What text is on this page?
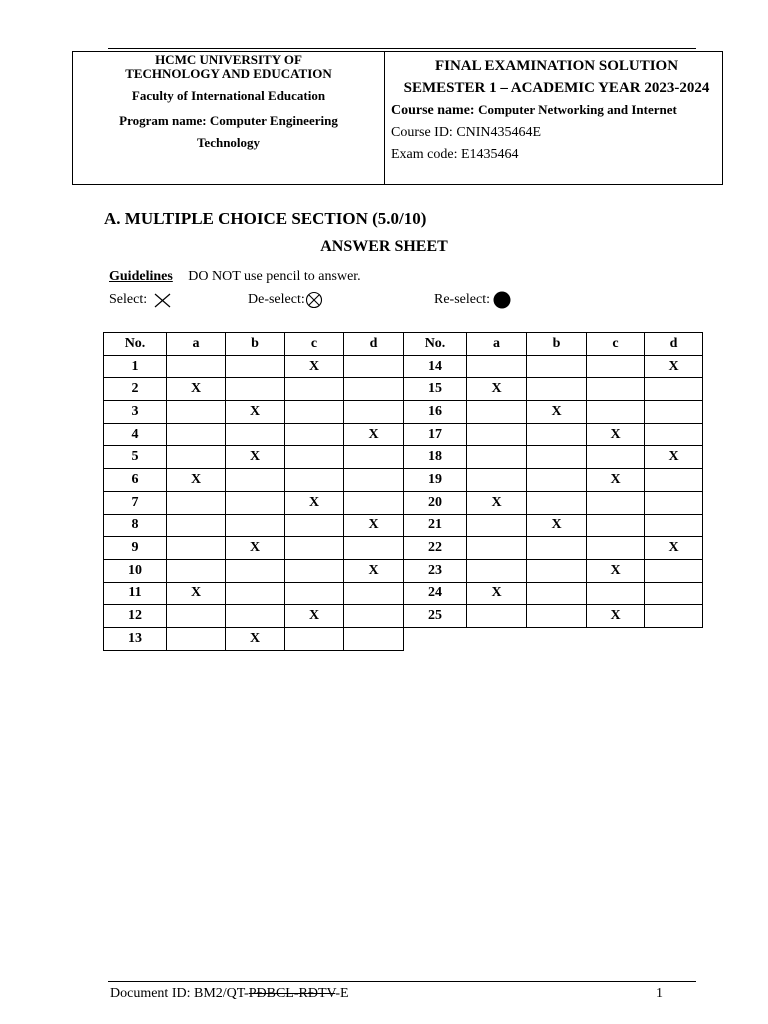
HCMC UNIVERSITY OF
TECHNOLOGY AND EDUCATION
Faculty of International Education
Program name: Computer Engineering
Technology
FINAL EXAMINATION SOLUTION
SEMESTER 1 – ACADEMIC YEAR 2023-2024
Course name: Computer Networking and Internet
Course ID: CNIN435464E
Exam code: E1435464
A. MULTIPLE CHOICE SECTION (5.0/10)
ANSWER SHEET
Guidelines DO NOT use pencil to answer.
Select:	De-select:	Re-select:
No.	a	b	c	d
1			X	
2	X			
3		X		
4				X
5		X		
6	X			
7			X	
8				X
9		X		
10				X
11	X			
12			X	
13		X		
No.	a	b	c	d
14				X
15	X			
16		X		
17			X	
18				X
19			X	
20	X			
21		X		
22				X
23			X	
24	X			
25			X	
Document ID: BM2/QT-PĐBCL-RĐTV-E	1
